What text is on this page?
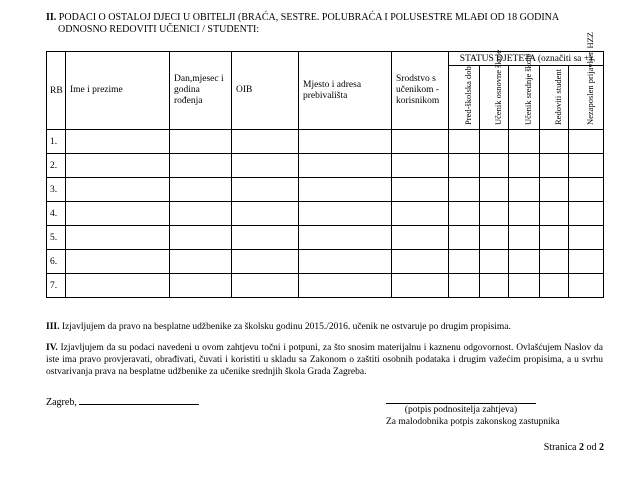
II. PODACI O OSTALOJ DJECI U OBITELJI (BRAĆA, SESTRE. POLUBRAĆA I POLUSESTRE MLAĐI OD 18 GODINA
ODNOSNO REDOVITI UČENICI / STUDENTI:
RB	Ime i prezime	Dan,mjesec i godina rođenja	OIB	Mjesto i adresa prebivališta	Srodstvo s učenikom - korisnikom	STATUS DJETETA (označiti sa +)				

						Pred-školska dob	Učenik osnovne škole	Učenik srednje škole	Redoviti student	Nezaposlen prijavljen HZZ

1.										
2.										
3.										
4.										
5.										
6.										
7.										
III. Izjavljujem da pravo na besplatne udžbenike za školsku godinu 2015./2016. učenik ne ostvaruje po drugim propisima.
IV. Izjavljujem da su podaci navedeni u ovom zahtjevu točni i potpuni, za što snosim materijalnu i kaznenu odgovornost. Ovlašćujem Naslov da iste ima pravo provjeravati, obrađivati, čuvati i koristiti u skladu sa Zakonom o zaštiti osobnih podataka i drugim važećim propisima, a u svrhu ostvarivanja prava na besplatne udžbenike za učenike srednjih škola Grada Zagreba.
Zagreb,
(potpis podnositelja zahtjeva)
Za malodobnika potpis zakonskog zastupnika
Stranica 2 od 2
